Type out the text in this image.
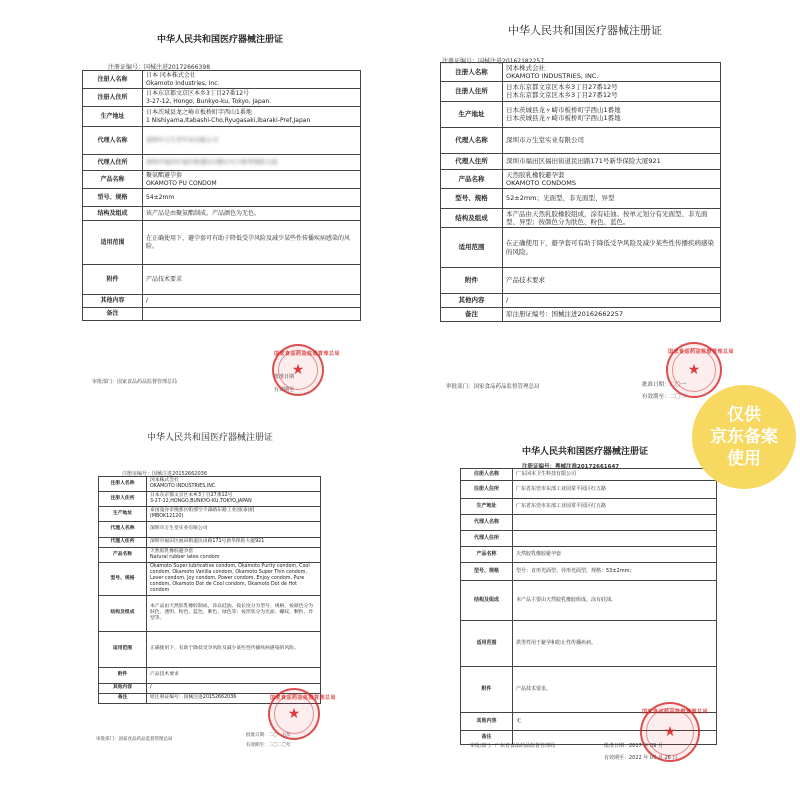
中华人民共和国医疗器械注册证
注册证编号：国械注进20172666398
注册人名称	日本 冈本株式会社
Okamoto Industries, Inc.
注册人住所	日本东京都文京区本乡3丁目27番12号
3-27-12, Hongo, Bunkyo-ku, Tokyo, Japan.
生产地址	日本茨城县龙之崎市板桥町字西山1番地
1 Nishiyama,Itabashi-Cho,Ryugasaki,Ibaraki-Pref,Japan
代理人名称	深圳市万生堂实业有限公司
代理人住所	深圳市福田区福田街道民田路171号新华保险大厦
产品名称	聚氨酯避孕套
OKAMOTO PU CONDOM
型号、规格	54±2mm
结构及组成	该产品是由聚氨酯制成。产品颜色为无色。
适用范围	在正确使用下，避孕套可有助于降低受孕风险及减少某些性传播疾病感染的风险。
附件	产品技术要求
其他内容	/
备注	
审批部门：国家食品药品监督管理总局
批准日期
有效期至
国家食品药品监督管理总局
★
中华人民共和国医疗器械注册证
注册证编号：国械注进20162182257
注册人名称	冈本株式会社
OKAMOTO INDUSTRIES, INC.
注册人住所	日本东京都文京区本乡3丁目27番12号
日本东京都文京区本乡3丁目27番12号
生产地址	日本茨城县龙ヶ崎市板桥町字西山1番地
日本茨城县龙ヶ崎市板桥町字西山1番地
代理人名称	深圳市万生堂实业有限公司
代理人住所	深圳市福田区福田街道民田路171号新华保险大厦921
产品名称	天然胶乳橡胶避孕套
OKAMOTO CONDOMS
型号、规格	52±2mm；光面型、非光面型、异型
结构及组成	本产品由天然乳胶橡胶组成，涂有硅油。按单元划分有光面型、非光面型、异型；按颜色分为肤色、粉色、蓝色。
适用范围	在正确使用下，避孕套可有助于降低受孕风险及减少某些性传播疾病感染的风险。
附件	产品技术要求
其他内容	/
备注	原注册证编号：国械注进20162662257
审批部门：国家食品药品监督管理总局	批准日期：二〇一
有效期至：二〇二
国家食品药品监督管理总局
★
中华人民共和国医疗器械注册证
注册证编号：国械注进20152662036
注册人名称	冈本株式会社
OKAMOTO INDUSTRIES,INC.
注册人住所	日本东京都文京区本乡3丁目27番12号
3-27-12,HONGO,BUNKYO-KU,TOKYO,JAPAN
生产地址	泰国曼谷市挽那区帕那空卡森路东路工业园(泰国)
(MBOK12120)
代理人名称	深圳市万生堂实业有限公司
代理人住所	深圳市福田区福田街道民田路171号新华保险大厦921
产品名称	天然胶乳橡胶避孕套
Natural rubber latex condom
型号、规格	Okamoto Super lubricative condom, Okamoto Purity condom, Cool condom, Okamoto Vanilla condom, Okamoto Super Thin condom, Lover condom, Joy condom, Power condom, Enjoy condom, Pure condom, Okamoto Dot de Cool condom, Okamoto Dot de Hot condom
结构及组成	本产品由天然胶乳橡胶制成，涂以硅油。按长度分为型号、规格，按颜色分为肤色、透明、粉色、蓝色、紫色、绿色等；按形状分为光面、螺纹、颗粒、异型等。
适用范围	正确使用下，有助于降低受孕风险及减少某些性传播疾病感染的风险。
附件	产品技术要求
其他内容	/
备注	原注册证编号：国械注进20152662036
审批部门：国家食品药品监督管理总局
批准日期：二〇一五年
有效期至：二〇二〇年
国家食品药品监督管理总局
★
中华人民共和国医疗器械注册证
注册证编号：粤械注准20172661647
注册人名称	广东冈本卫生科技有限公司
注册人住所	广东省东莞市东部工业园常平园区红五路
生产地址	广东省东莞市东部工业园常平园区红五路
代理人名称	
代理人住所	
产品名称	天然胶乳橡胶避孕套
型号、规格	型号：直形光面型、异形光面型，规格：53±2mm；
结构及组成	本产品主要由天然胶乳橡胶组成，涂有硅油。
适用范围	供男性用于避孕和防止性传播疾病。
附件	产品技术要求。
其他内容	无
备注	
审批部门：广东省食品药品监督管理局	批准日期：2017 年 09 月
有效期至：2022 年 09 月 26 日
国家食品药品监督管理总局
★
仅供
京东备案
使用
